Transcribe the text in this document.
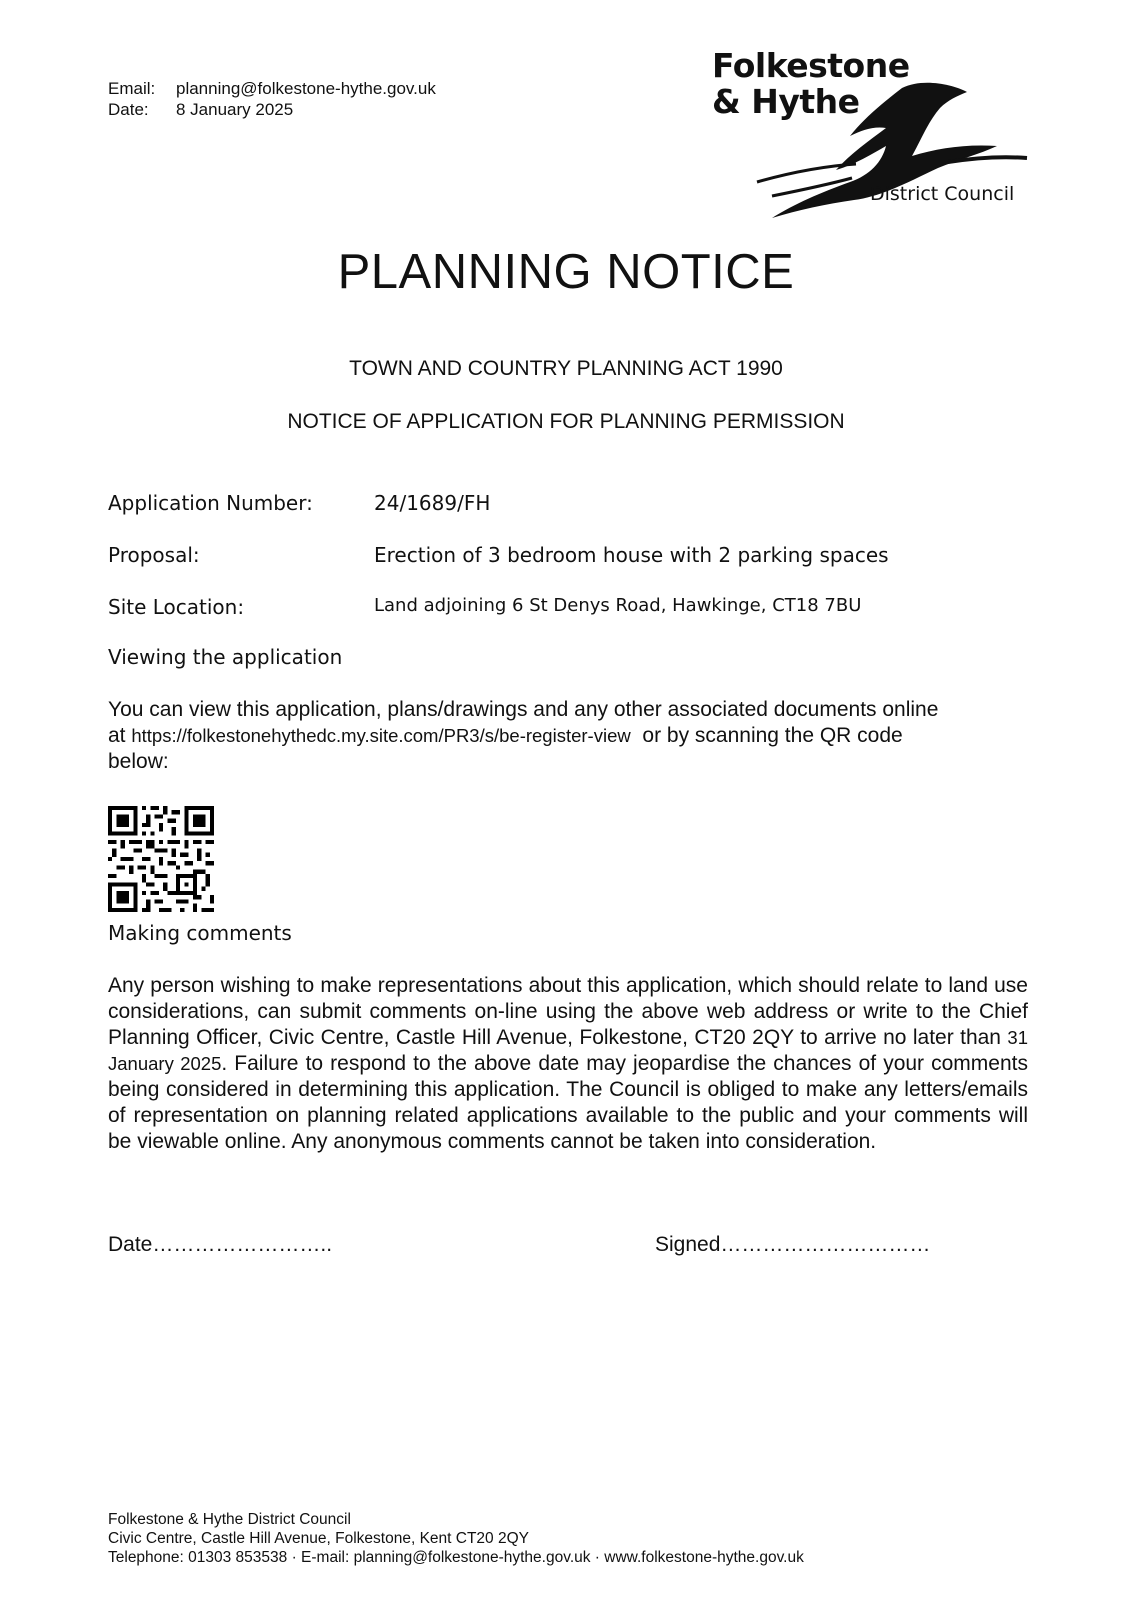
Email: planning@folkestone-hythe.gov.uk
Date: 8 January 2025
Folkestone
& Hythe
District Council
PLANNING NOTICE
TOWN AND COUNTRY PLANNING ACT 1990
NOTICE OF APPLICATION FOR PLANNING PERMISSION
Application Number:	24/1689/FH
Proposal:	Erection of 3 bedroom house with 2 parking spaces
Site Location:	Land adjoining 6 St Denys Road, Hawkinge, CT18 7BU
Viewing the application
You can view this application, plans/drawings and any other associated documents online
at https://folkestonehythedc.my.site.com/PR3/s/be-register-view or by scanning the QR code
below:
Making comments
Any person wishing to make representations about this application, which should relate to land use considerations, can submit comments on-line using the above web address or write to the Chief Planning Officer, Civic Centre, Castle Hill Avenue, Folkestone, CT20 2QY to arrive no later than 31 January 2025. Failure to respond to the above date may jeopardise the chances of your comments being considered in determining this application. The Council is obliged to make any letters/emails of representation on planning related applications available to the public and your comments will be viewable online. Any anonymous comments cannot be taken into consideration.
Date……………………..	Signed…………………………
Folkestone & Hythe District Council
Civic Centre, Castle Hill Avenue, Folkestone, Kent CT20 2QY
Telephone: 01303 853538 · E-mail: planning@folkestone-hythe.gov.uk · www.folkestone-hythe.gov.uk
